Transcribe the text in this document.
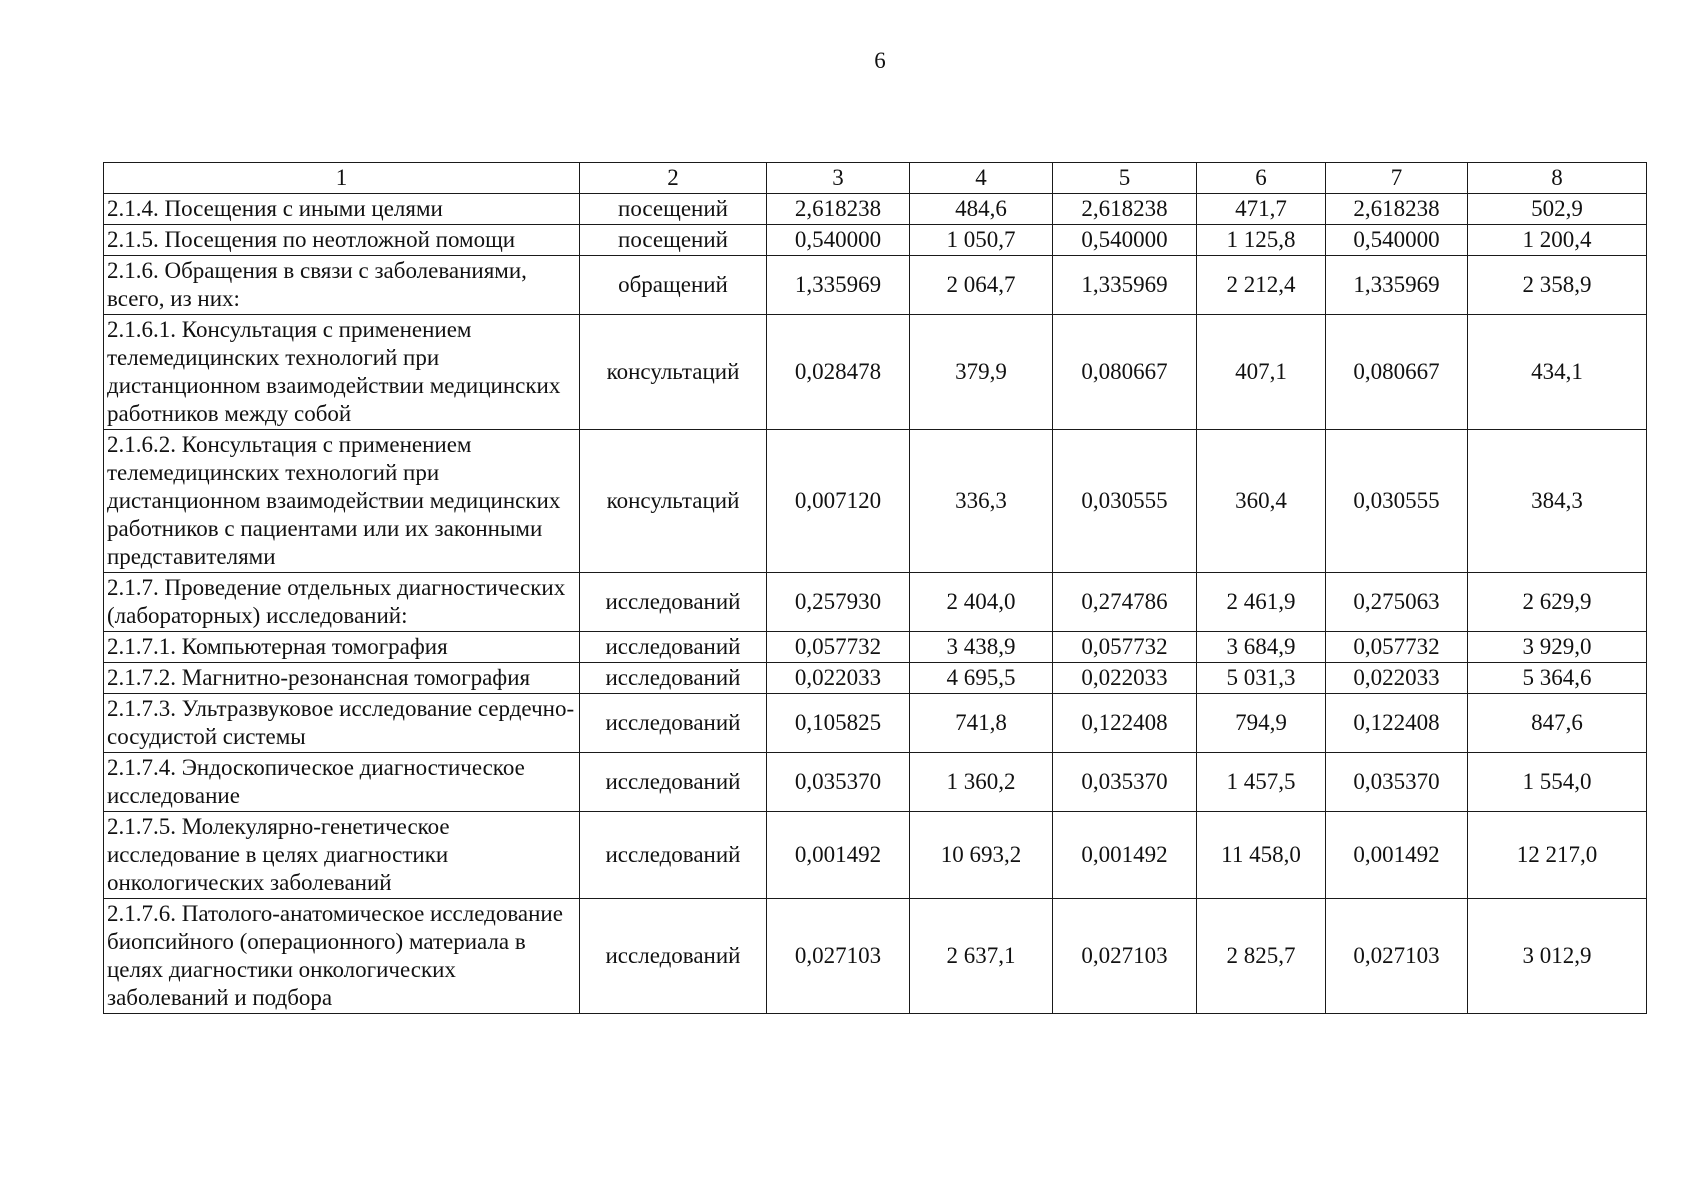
6
1	2	3	4	5	6	7	8
2.1.4. Посещения с иными целями	посещений	2,618238	484,6	2,618238	471,7	2,618238	502,9
2.1.5. Посещения по неотложной помощи	посещений	0,540000	1 050,7	0,540000	1 125,8	0,540000	1 200,4
2.1.6. Обращения в связи с заболеваниями, всего, из них:	обращений	1,335969	2 064,7	1,335969	2 212,4	1,335969	2 358,9
2.1.6.1. Консультация с применением телемедицинских технологий при дистанционном взаимодействии медицинских работников между собой	консультаций	0,028478	379,9	0,080667	407,1	0,080667	434,1
2.1.6.2. Консультация с применением телемедицинских технологий при дистанционном взаимодействии медицинских работников с пациентами или их законными представителями	консультаций	0,007120	336,3	0,030555	360,4	0,030555	384,3
2.1.7. Проведение отдельных диагностических (лабораторных) исследований:	исследований	0,257930	2 404,0	0,274786	2 461,9	0,275063	2 629,9
2.1.7.1. Компьютерная томография	исследований	0,057732	3 438,9	0,057732	3 684,9	0,057732	3 929,0
2.1.7.2. Магнитно-резонансная томография	исследований	0,022033	4 695,5	0,022033	5 031,3	0,022033	5 364,6
2.1.7.3. Ультразвуковое исследование сердечно-сосудистой системы	исследований	0,105825	741,8	0,122408	794,9	0,122408	847,6
2.1.7.4. Эндоскопическое диагностическое исследование	исследований	0,035370	1 360,2	0,035370	1 457,5	0,035370	1 554,0
2.1.7.5. Молекулярно-генетическое исследование в целях диагностики онкологических заболеваний	исследований	0,001492	10 693,2	0,001492	11 458,0	0,001492	12 217,0
2.1.7.6. Патолого-анатомическое исследование биопсийного (операционного) материала в целях диагностики онкологических заболеваний и подбора	исследований	0,027103	2 637,1	0,027103	2 825,7	0,027103	3 012,9
